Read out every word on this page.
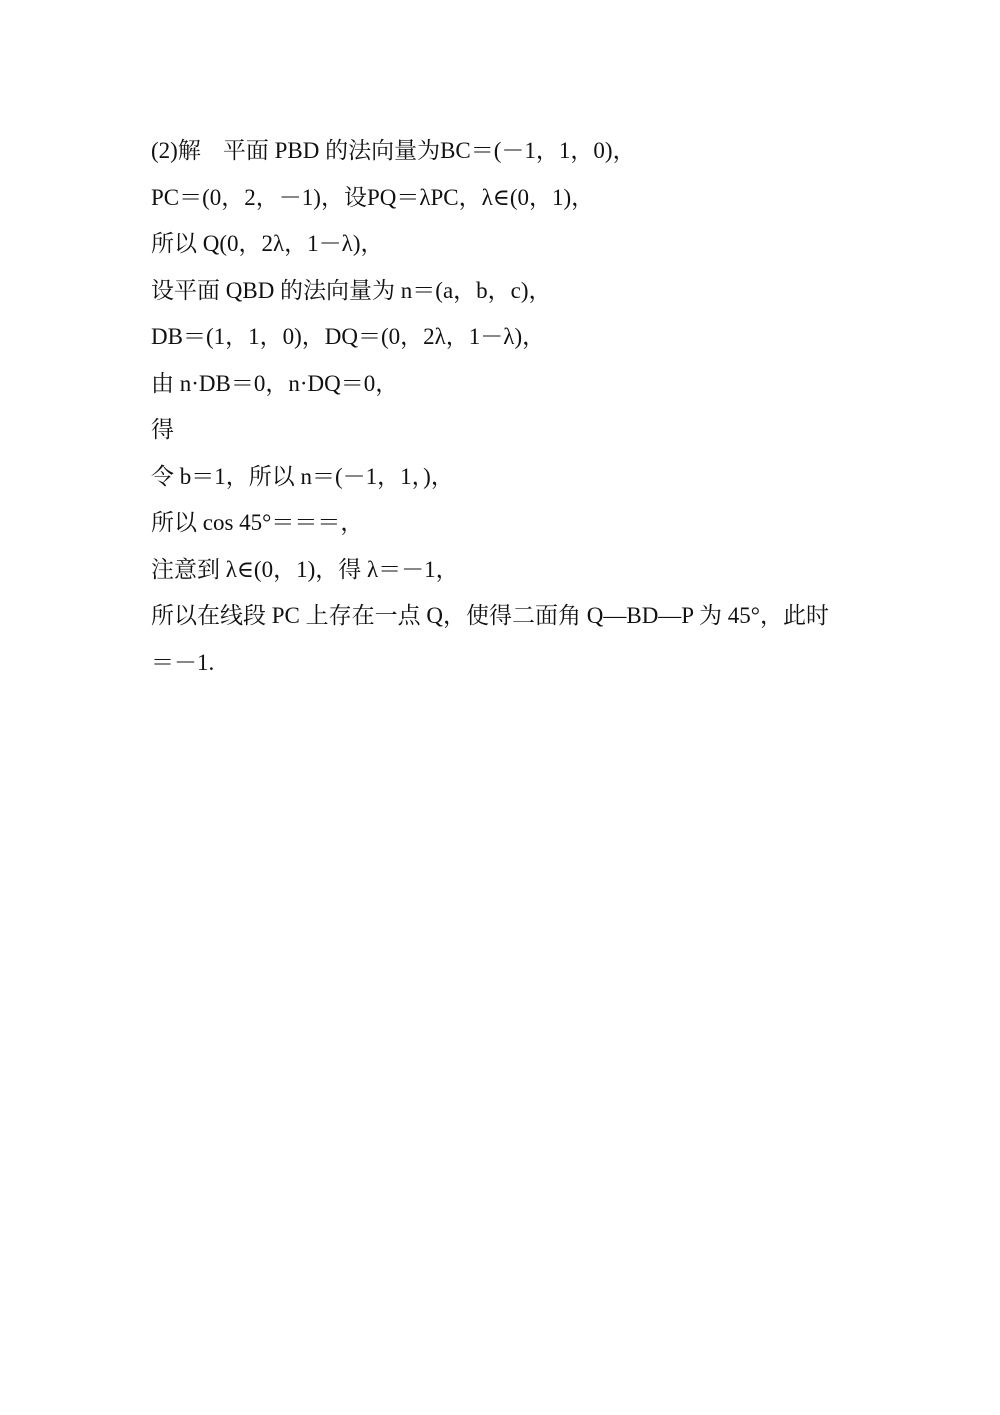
(2)解 平面 PBD 的法向量为BC＝(－1，1，0)，
PC＝(0，2，－1)，设PQ＝λPC，λ∈(0，1)，
所以 Q(0，2λ，1－λ)，
设平面 QBD 的法向量为 n＝(a，b，c)，
DB＝(1，1，0)，DQ＝(0，2λ，1－λ)，
由 n·DB＝0，n·DQ＝0，
得
令 b＝1，所以 n＝(－1，1，)，
所以 cos 45°＝＝＝，
注意到 λ∈(0，1)，得 λ＝－1，
所以在线段 PC 上存在一点 Q，使得二面角 Q—BD—P 为 45°，此时
＝－1.
